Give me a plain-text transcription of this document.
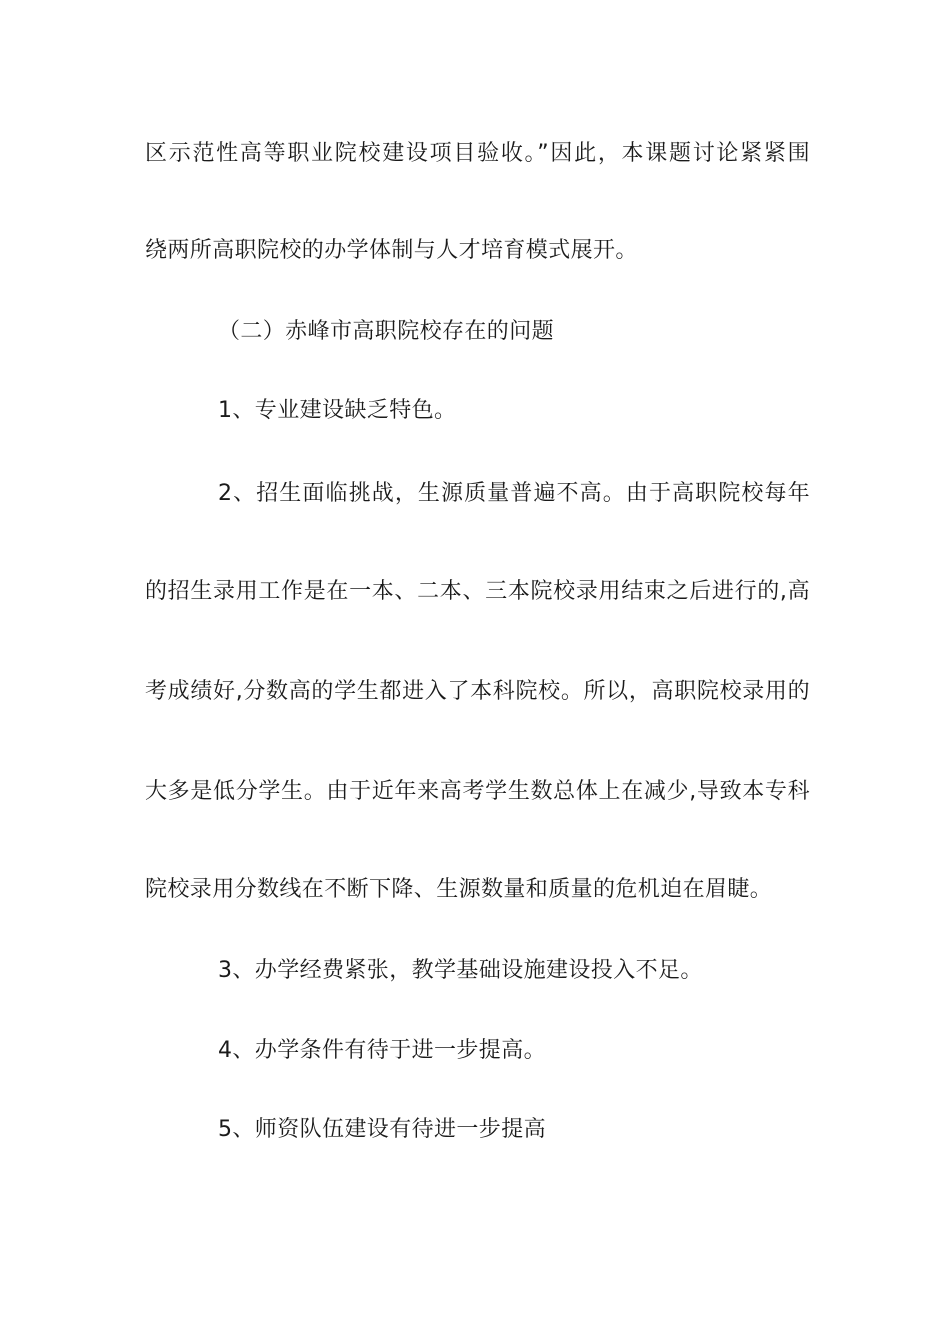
区示范性高等职业院校建设项目验收。”因此，本课题讨论紧紧围
绕两所高职院校的办学体制与人才培育模式展开。
（二）赤峰市高职院校存在的问题
1、专业建设缺乏特色。
2、招生面临挑战，生源质量普遍不高。由于高职院校每年
的招生录用工作是在一本、二本、三本院校录用结束之后进行的,高
考成绩好,分数高的学生都进入了本科院校。所以，高职院校录用的
大多是低分学生。由于近年来高考学生数总体上在减少,导致本专科
院校录用分数线在不断下降、生源数量和质量的危机迫在眉睫。
3、办学经费紧张，教学基础设施建设投入不足。
4、办学条件有待于进一步提高。
5、师资队伍建设有待进一步提高
